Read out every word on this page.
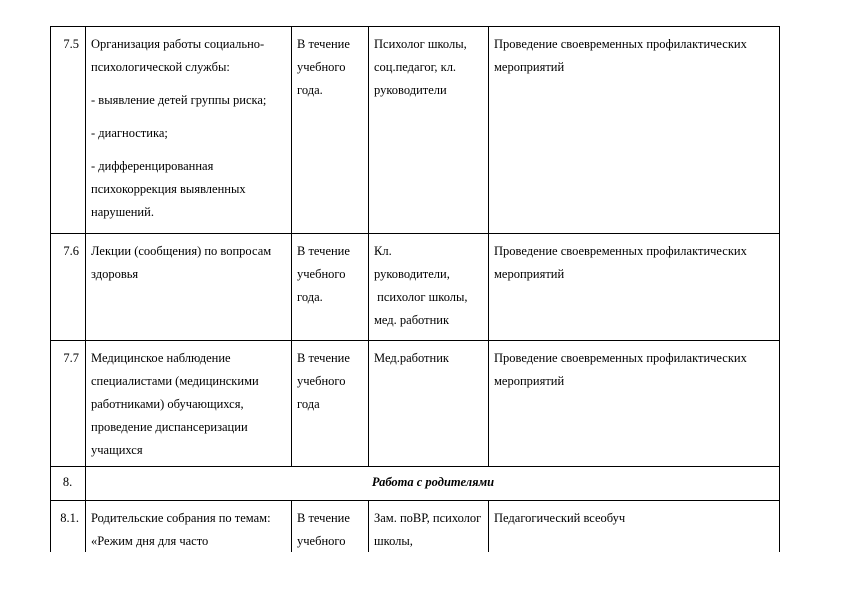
7.5	Организация работы социально-психологической службы:
- выявление детей группы риска;
- диагностика;
- дифференцированная психокоррекция выявленных нарушений.	В течение учебного года.	Психолог школы, соц.педагог, кл. руководители	Проведение своевременных профилактических мероприятий
7.6	Лекции (сообщения) по вопросам здоровья	В течение учебного года.	Кл.
руководители,
психолог школы,
мед. работник	Проведение своевременных профилактических мероприятий
7.7	Медицинское наблюдение специалистами (медицинскими работниками) обучающихся, проведение диспансеризации учащихся	В течение учебного года	Мед.работник	Проведение своевременных профилактических мероприятий
8.	Работа с родителями			
8.1.	Родительские собрания по темам: «Режим дня для часто	В течение учебного	Зам. поВР, психолог школы,	Педагогический всеобуч
